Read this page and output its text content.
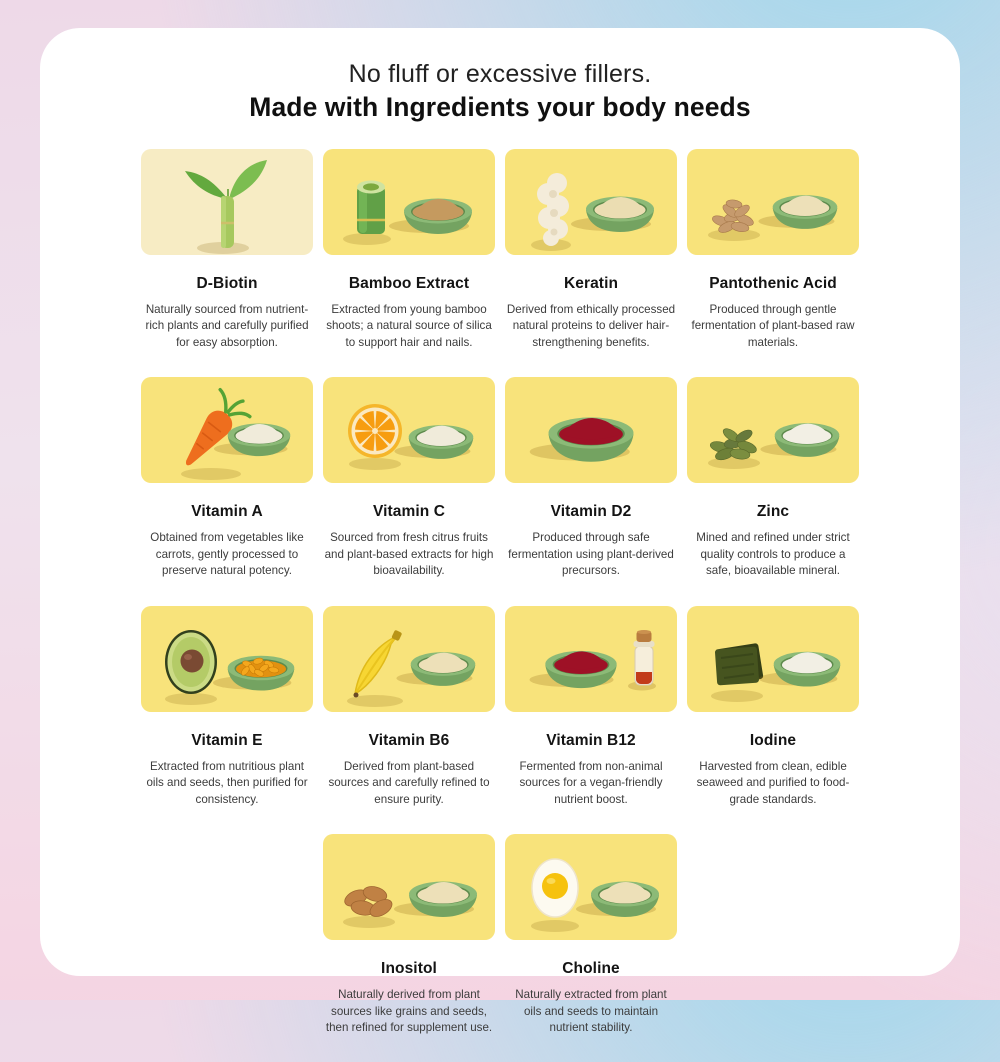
No fluff or excessive fillers.
Made with Ingredients your body needs
D-Biotin

Naturally sourced from nutrient-rich plants and carefully purified for easy absorption.

Bamboo Extract

Extracted from young bamboo shoots; a natural source of silica to support hair and nails.

Keratin

Derived from ethically processed natural proteins to deliver hair-strengthening benefits.

Pantothenic Acid

Produced through gentle fermentation of plant-based raw materials.

Vitamin A

Obtained from vegetables like carrots, gently processed to preserve natural potency.

Vitamin C

Sourced from fresh citrus fruits and plant-based extracts for high bioavailability.

Vitamin D2

Produced through safe fermentation using plant-derived precursors.

Zinc

Mined and refined under strict quality controls to produce a safe, bioavailable mineral.

Vitamin E

Extracted from nutritious plant oils and seeds, then purified for consistency.

Vitamin B6

Derived from plant-based sources and carefully refined to ensure purity.

Vitamin B12

Fermented from non-animal sources for a vegan-friendly nutrient boost.

Iodine

Harvested from clean, edible seaweed and purified to food-grade standards.

Inositol

Naturally derived from plant sources like grains and seeds, then refined for supplement use.

Choline

Naturally extracted from plant oils and seeds to maintain nutrient stability.
